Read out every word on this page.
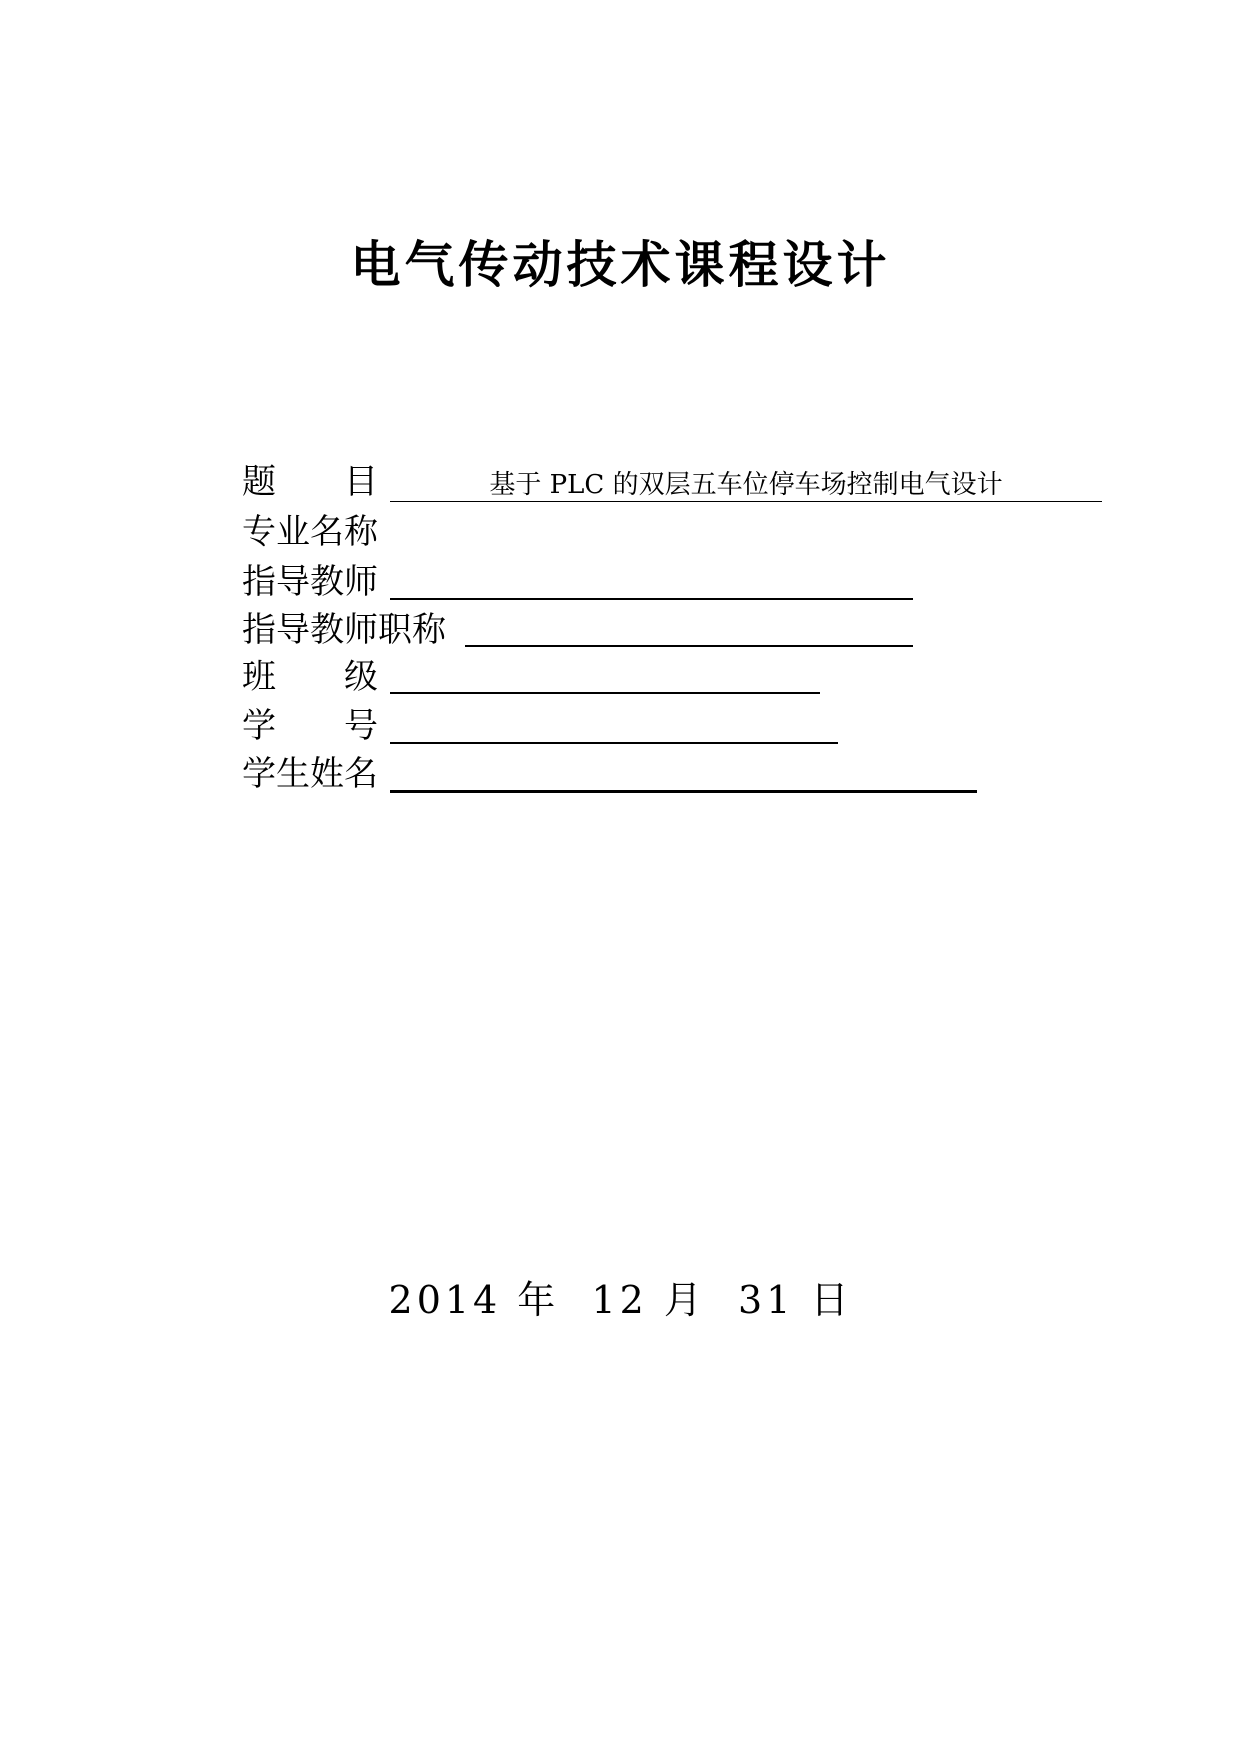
电气传动技术课程设计
题　　目	基于 PLC 的双层五车位停车场控制电气设计
专业名称
指导教师
指导教师职称
班　　级
学　　号
学生姓名

2014 年  12 月  31 日
